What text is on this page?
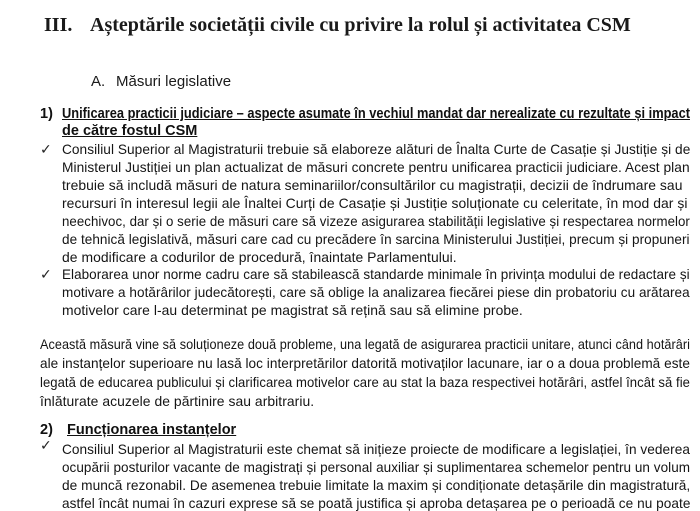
III. Așteptările societății civile cu privire la rolul și activitatea CSM
A. Măsuri legislative
1) Unificarea practicii judiciare – aspecte asumate în vechiul mandat dar nerealizate cu rezultate și impact
de către fostul CSM
✓ Consiliul Superior al Magistraturii trebuie să elaboreze alături de Înalta Curte de Casație și Justiție și de
Ministerul Justiției un plan actualizat de măsuri concrete pentru unificarea practicii judiciare. Acest plan
trebuie să includă măsuri de natura seminariilor/consultărilor cu magistrații, decizii de îndrumare sau
recursuri în interesul legii ale Înaltei Curți de Casație și Justiție soluționate cu celeritate, în mod dar și
neechivoc, dar și o serie de măsuri care să vizeze asigurarea stabilității legislative și respectarea normelor
de tehnică legislativă, măsuri care cad cu precădere în sarcina Ministerului Justiției, precum și propuneri
de modificare a codurilor de procedură, înaintate Parlamentului.
✓ Elaborarea unor norme cadru care să stabilească standarde minimale în privința modului de redactare și
motivare a hotărârilor judecătorești, care să oblige la analizarea fiecărei piese din probatoriu cu arătarea
motivelor care l-au determinat pe magistrat să rețină sau să elimine probe.
Această măsură vine să soluționeze două probleme, una legată de asigurarea practicii unitare, atunci când hotărâri
ale instanțelor superioare nu lasă loc interpretărilor datorită motivaților lacunare, iar o a doua problemă este
legată de educarea publicului și clarificarea motivelor care au stat la baza respectivei hotărâri, astfel încât să fie
înlăturate acuzele de părtinire sau arbitrariu.
2) Funcționarea instanțelor
✓ Consiliul Superior al Magistraturii este chemat să inițieze proiecte de modificare a legislației, în vederea
ocupării posturilor vacante de magistrați și personal auxiliar și suplimentarea schemelor pentru un volum
de muncă rezonabil. De asemenea trebuie limitate la maxim și condiționate detașările din magistratură,
astfel încât numai în cazuri exprese să se poată justifica și aproba detașarea pe o perioadă ce nu poate
